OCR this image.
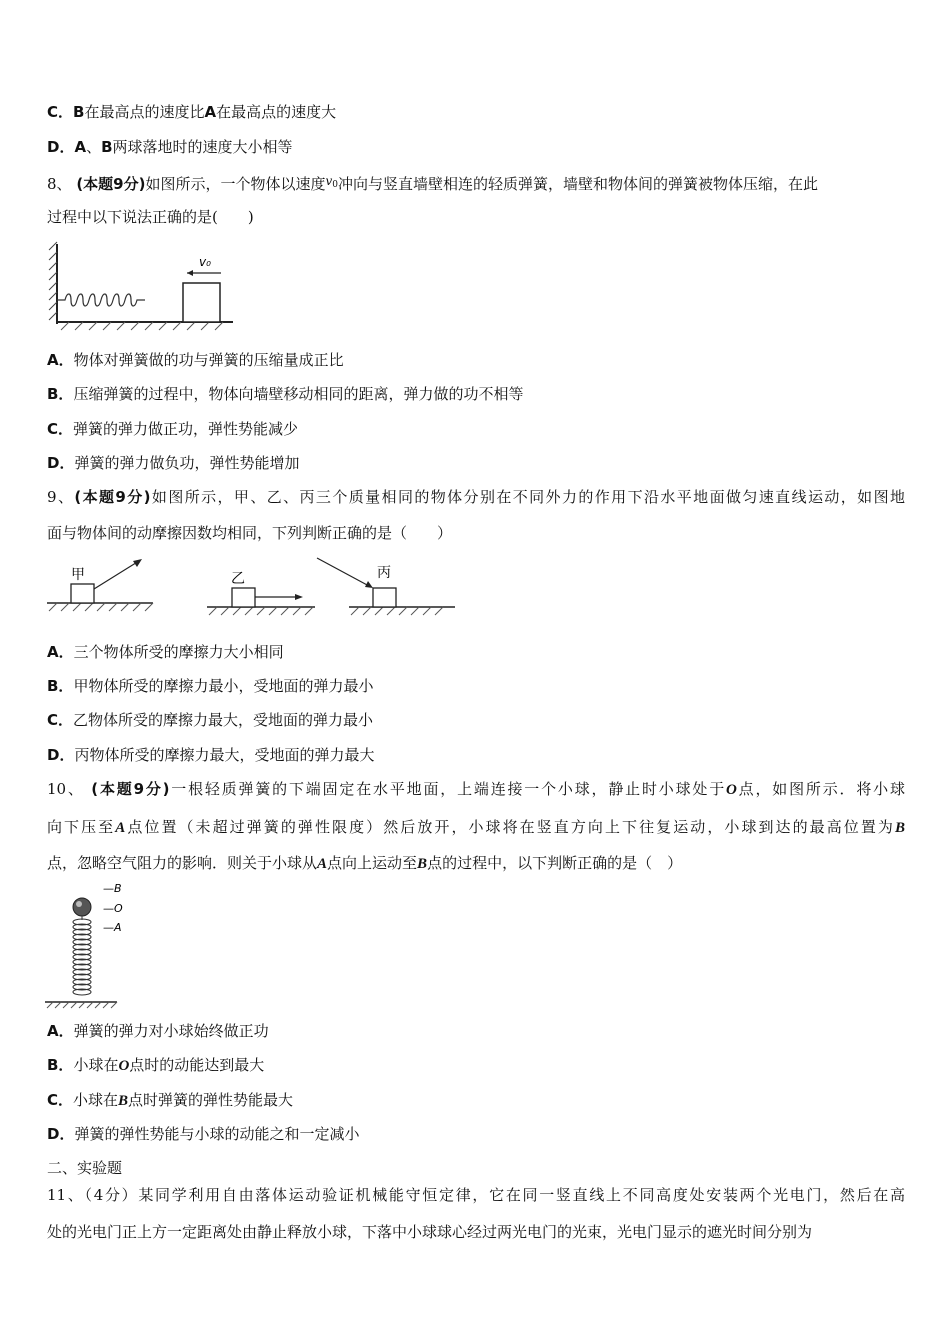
C．B在最高点的速度比A在最高点的速度大
D．A、B两球落地时的速度大小相等
8、 (本题9分)如图所示，一个物体以速度$^{v0}$冲向与竖直墙壁相连的轻质弹簧，墙壁和物体间的弹簧被物体压缩，在此
过程中以下说法正确的是(　　)
v₀
A．物体对弹簧做的功与弹簧的压缩量成正比
B．压缩弹簧的过程中，物体向墙壁移动相同的距离，弹力做的功不相等
C．弹簧的弹力做正功，弹性势能减少
D．弹簧的弹力做负功，弹性势能增加
9、(本题9分)如图所示，甲、乙、丙三个质量相同的物体分别在不同外力的作用下沿水平地面做匀速直线运动，如图地
面与物体间的动摩擦因数均相同，下列判断正确的是（　　）
甲	乙	丙
A．三个物体所受的摩擦力大小相同
B．甲物体所受的摩擦力最小，受地面的弹力最小
C．乙物体所受的摩擦力最大，受地面的弹力最小
D．丙物体所受的摩擦力最大，受地面的弹力最大
10、 (本题9分)一根轻质弹簧的下端固定在水平地面，上端连接一个小球，静止时小球处于O点，如图所示．将小球
向下压至A点位置（未超过弹簧的弹性限度）然后放开，小球将在竖直方向上下往复运动，小球到达的最高位置为B
点，忽略空气阻力的影响．则关于小球从A点向上运动至B点的过程中，以下判断正确的是（　）
—B
—O
—A
A．弹簧的弹力对小球始终做正功
B．小球在O点时的动能达到最大
C．小球在B点时弹簧的弹性势能最大
D．弹簧的弹性势能与小球的动能之和一定减小
二、实验题
11、（4分）某同学利用自由落体运动验证机械能守恒定律，它在同一竖直线上不同高度处安装两个光电门，然后在高
处的光电门正上方一定距离处由静止释放小球，下落中小球球心经过两光电门的光束，光电门显示的遮光时间分别为
